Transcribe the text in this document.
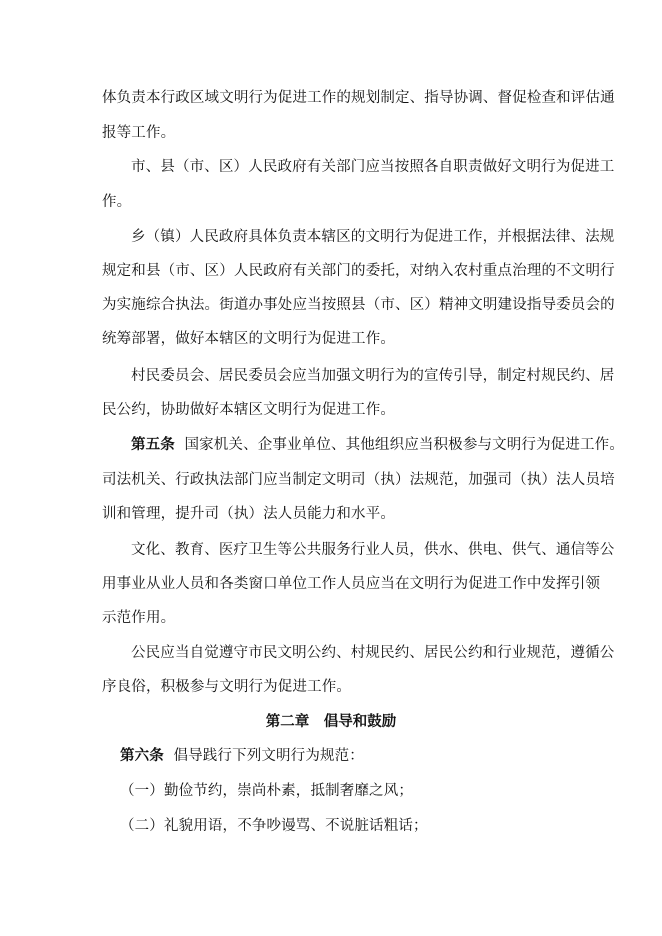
体负责本行政区域文明行为促进工作的规划制定、指导协调、督促检查和评估通
报等工作。
市、县（市、区）人民政府有关部门应当按照各自职责做好文明行为促进工
作。
乡（镇）人民政府具体负责本辖区的文明行为促进工作，并根据法律、法规
规定和县（市、区）人民政府有关部门的委托，对纳入农村重点治理的不文明行
为实施综合执法。街道办事处应当按照县（市、区）精神文明建设指导委员会的
统筹部署，做好本辖区的文明行为促进工作。
村民委员会、居民委员会应当加强文明行为的宣传引导，制定村规民约、居
民公约，协助做好本辖区文明行为促进工作。
第五条 国家机关、企事业单位、其他组织应当积极参与文明行为促进工作。
司法机关、行政执法部门应当制定文明司（执）法规范，加强司（执）法人员培
训和管理，提升司（执）法人员能力和水平。
文化、教育、医疗卫生等公共服务行业人员，供水、供电、供气、通信等公
用事业从业人员和各类窗口单位工作人员应当在文明行为促进工作中发挥引领
示范作用。
公民应当自觉遵守市民文明公约、村规民约、居民公约和行业规范，遵循公
序良俗，积极参与文明行为促进工作。
第二章　倡导和鼓励
第六条 倡导践行下列文明行为规范：
（一）勤俭节约，崇尚朴素，抵制奢靡之风；
（二）礼貌用语，不争吵谩骂、不说脏话粗话；
